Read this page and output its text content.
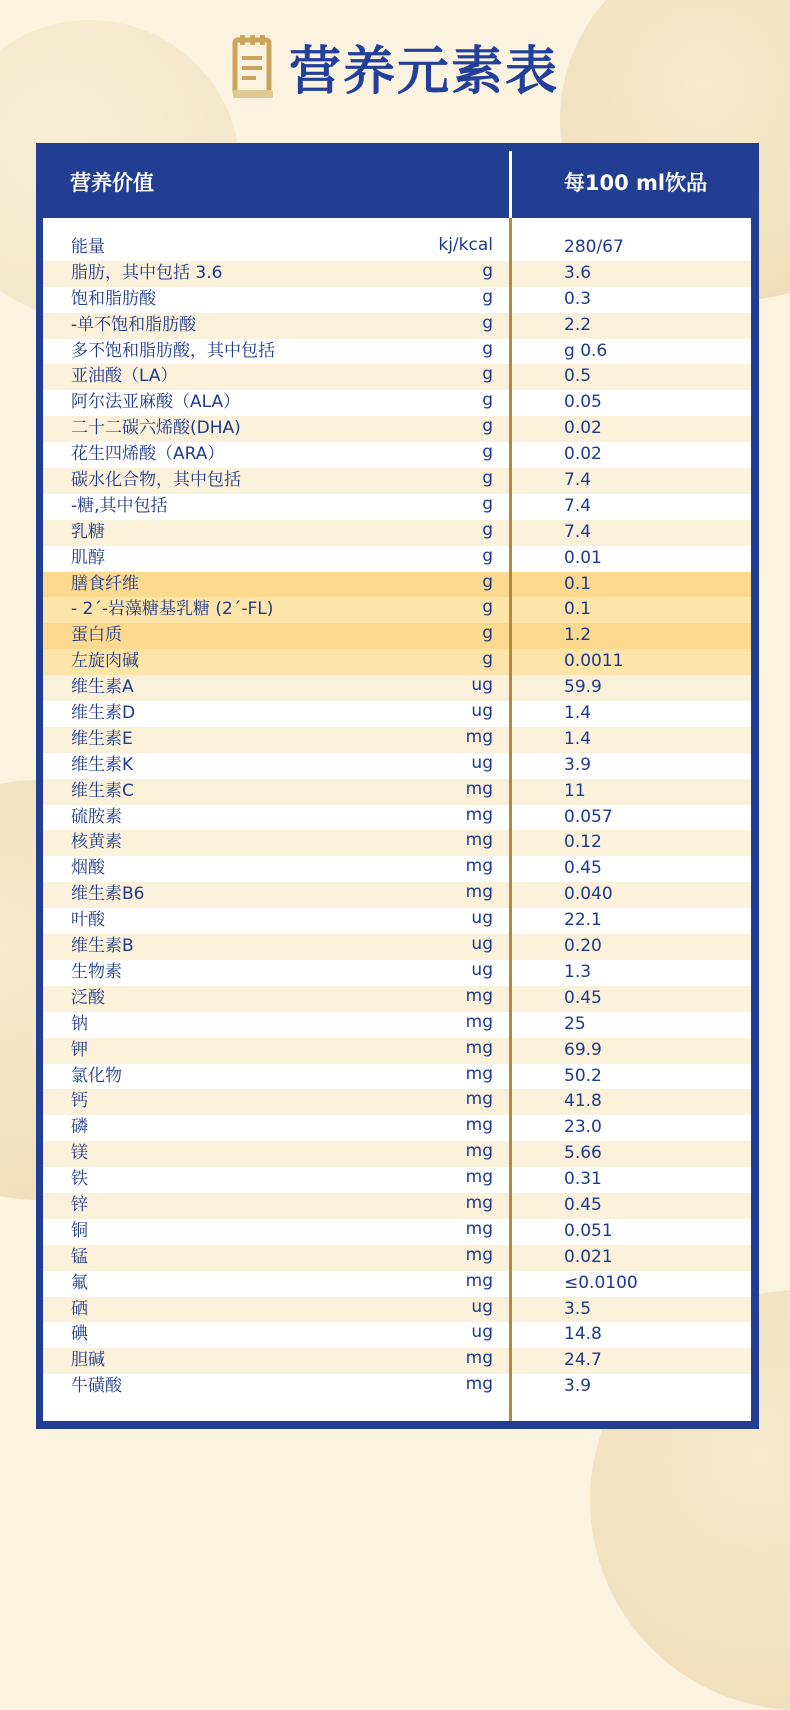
营养元素表
营养价值	每100 ml饮品
能量	kj/kcal	280/67
脂肪，其中包括 3.6	g	3.6
饱和脂肪酸	g	0.3
-单不饱和脂肪酸	g	2.2
多不饱和脂肪酸，其中包括	g	g 0.6
亚油酸（LA）	g	0.5
阿尔法亚麻酸（ALA）	g	0.05
二十二碳六烯酸(DHA)	g	0.02
花生四烯酸（ARA）	g	0.02
碳水化合物，其中包括	g	7.4
-糖,其中包括	g	7.4
乳糖	g	7.4
肌醇	g	0.01
膳食纤维	g	0.1
- 2´-岩藻糖基乳糖 (2´-FL)	g	0.1
蛋白质	g	1.2
左旋肉碱	g	0.0011
维生素A	ug	59.9
维生素D	ug	1.4
维生素E	mg	1.4
维生素K	ug	3.9
维生素C	mg	11
硫胺素	mg	0.057
核黄素	mg	0.12
烟酸	mg	0.45
维生素B6	mg	0.040
叶酸	ug	22.1
维生素B	ug	0.20
生物素	ug	1.3
泛酸	mg	0.45
钠	mg	25
钾	mg	69.9
氯化物	mg	50.2
钙	mg	41.8
磷	mg	23.0
镁	mg	5.66
铁	mg	0.31
锌	mg	0.45
铜	mg	0.051
锰	mg	0.021
氟	mg	≤0.0100
硒	ug	3.5
碘	ug	14.8
胆碱	mg	24.7
牛磺酸	mg	3.9
